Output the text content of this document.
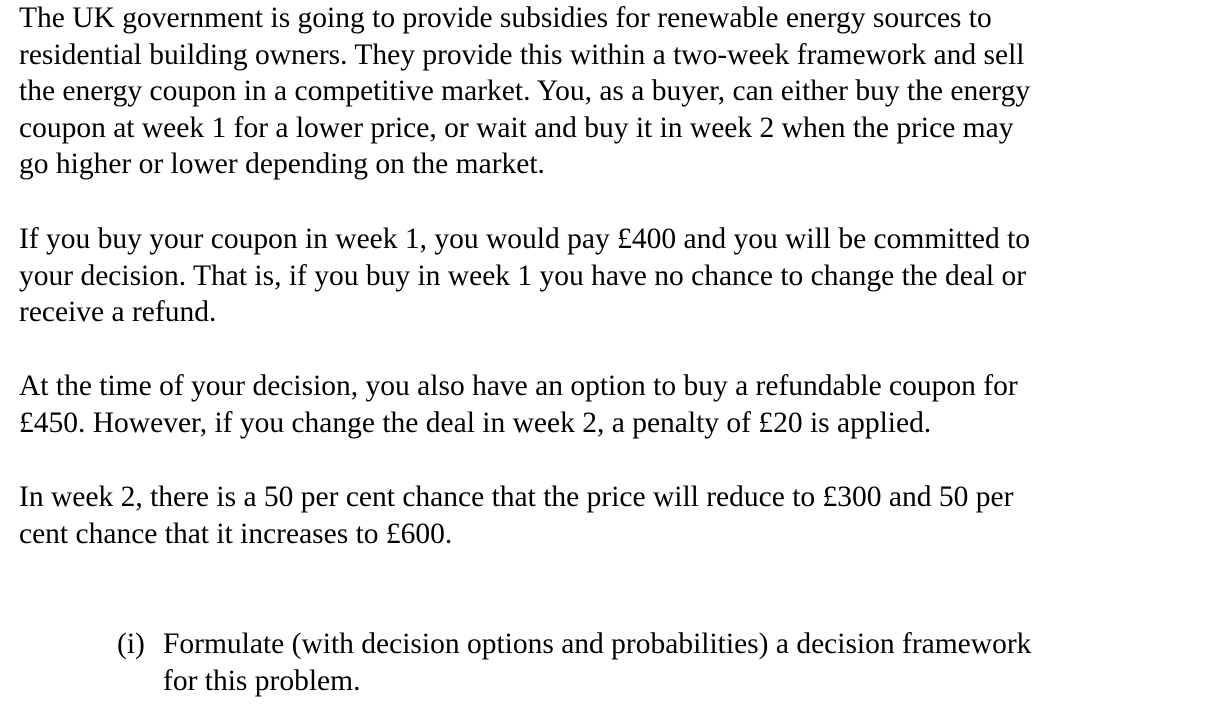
The UK government is going to provide subsidies for renewable energy sources to
residential building owners. They provide this within a two-week framework and sell
the energy coupon in a competitive market. You, as a buyer, can either buy the energy
coupon at week 1 for a lower price, or wait and buy it in week 2 when the price may
go higher or lower depending on the market.
If you buy your coupon in week 1, you would pay £400 and you will be committed to
your decision. That is, if you buy in week 1 you have no chance to change the deal or
receive a refund.
At the time of your decision, you also have an option to buy a refundable coupon for
£450. However, if you change the deal in week 2, a penalty of £20 is applied.
In week 2, there is a 50 per cent chance that the price will reduce to £300 and 50 per
cent chance that it increases to £600.
(i) Formulate (with decision options and probabilities) a decision framework
for this problem.
